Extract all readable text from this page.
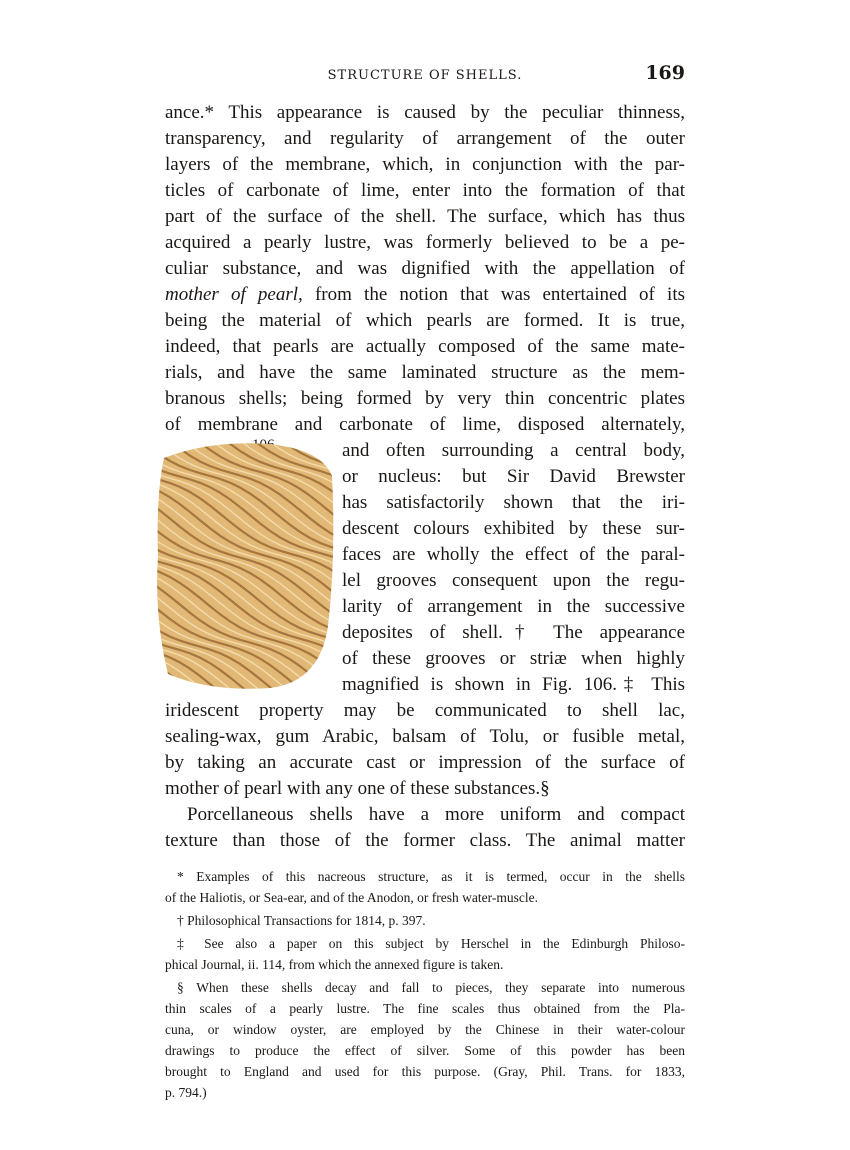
STRUCTURE OF SHELLS.	169
ance.* This appearance is caused by the peculiar thinness,
transparency, and regularity of arrangement of the outer
layers of the membrane, which, in conjunction with the par-
ticles of carbonate of lime, enter into the formation of that
part of the surface of the shell. The surface, which has thus
acquired a pearly lustre, was formerly believed to be a pe-
culiar substance, and was dignified with the appellation of
mother of pearl, from the notion that was entertained of its
being the material of which pearls are formed. It is true,
indeed, that pearls are actually composed of the same mate-
rials, and have the same laminated structure as the mem-
branous shells; being formed by very thin concentric plates
of membrane and carbonate of lime, disposed alternately,
and often surrounding a central body,
or nucleus: but Sir David Brewster
has satisfactorily shown that the iri-
descent colours exhibited by these sur-
faces are wholly the effect of the paral-
lel grooves consequent upon the regu-
larity of arrangement in the successive
deposites of shell.† The appearance
of these grooves or striæ when highly
magnified is shown in Fig. 106.‡ This
iridescent property may be communicated to shell lac,
sealing-wax, gum Arabic, balsam of Tolu, or fusible metal,
by taking an accurate cast or impression of the surface of
mother of pearl with any one of these substances.§
Porcellaneous shells have a more uniform and compact
texture than those of the former class. The animal matter
* Examples of this nacreous structure, as it is termed, occur in the shells
of the Haliotis, or Sea-ear, and of the Anodon, or fresh water-muscle.
† Philosophical Transactions for 1814, p. 397.
‡ See also a paper on this subject by Herschel in the Edinburgh Philoso-
phical Journal, ii. 114, from which the annexed figure is taken.
§ When these shells decay and fall to pieces, they separate into numerous
thin scales of a pearly lustre. The fine scales thus obtained from the Pla-
cuna, or window oyster, are employed by the Chinese in their water-colour
drawings to produce the effect of silver. Some of this powder has been
brought to England and used for this purpose. (Gray, Phil. Trans. for 1833,
p. 794.)
